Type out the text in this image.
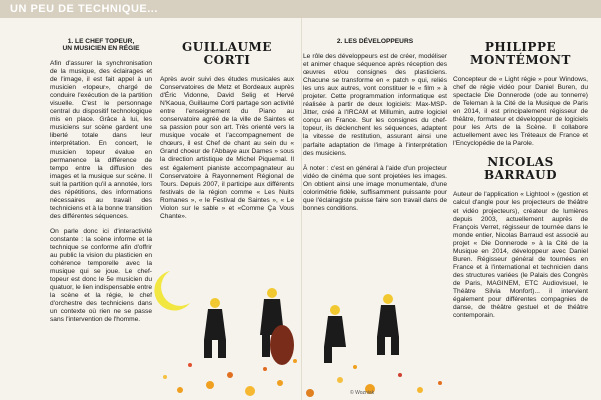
UN PEU DE TECHNIQUE...
1. LE CHEF TOPEUR,
UN MUSICIEN EN RÉGIE

Afin d'assurer la synchronisation de la musique, des éclairages et de l'image, il est fait appel à un musicien «topeur», chargé de conduire l'exécution de la partition visuelle. C'est le personnage central du dispositif technologique mis en place. Grâce à lui, les musiciens sur scène gardent une liberté totale dans leur interprétation. En concert, le musicien topeur évalue en permanence la différence de tempo entre la diffusion des images et la musique sur scène. Il suit la partition qu'il a annotée, lors des répétitions, des informations nécessaires au travail des techniciens et à la bonne transition des différentes séquences.

On parle donc ici d'interactivité constante : la scène informe et la technique se conforme afin d'offrir au public la vision du plasticien en cohérence temporelle avec la musique qui se joue. Le chef-topeur est donc le 5e musicien du quatuor, le lien indispensable entre la scène et la régie, le chef d'orchestre des techniciens dans un contexte où rien ne se passe sans l'intervention de l'homme.

GUILLAUME
CORTI

Après avoir suivi des études musicales aux Conservatoires de Metz et Bordeaux auprès d'Éric Vidonne, David Selig et Hervé N'Kaoua, Guillaume Corti partage son activité entre l'enseignement du Piano au conservatoire agréé de la ville de Saintes et sa passion pour son art. Très orienté vers la musique vocale et l'accompagnement de chœurs, il est Chef de chant au sein du « Grand choeur de l'Abbaye aux Dames » sous la direction artistique de Michel Piquemal. Il est également pianiste accompagnateur au Conservatoire à Rayonnement Régional de Tours. Depuis 2007, il participe aux différents festivals de la région comme « Les Nuits Romanes », « le Festival de Saintes », « Le Violon sur le sable » et «Comme Ça Vous Chante».

2. LES DÉVELOPPEURS

Le rôle des développeurs est de créer, modéliser et animer chaque séquence après réception des œuvres et/ou consignes des plasticiens. Chacune se transforme en « patch » qui, reliés les uns aux autres, vont constituer le « film » à projeter. Cette programmation informatique est réalisée à partir de deux logiciels: Max-MSP-Jitter, créé à l'IRCAM et Millumin, autre logiciel conçu en France. Sur les consignes du chef-topeur, ils déclenchent les séquences, adaptent la vitesse de restitution, assurant ainsi une parfaite adaptation de l'image à l'interprétation des musiciens.

À noter : c'est en général à l'aide d'un projecteur vidéo de cinéma que sont projetées les images. On obtient ainsi une image monumentale, d'une colorimétrie fidèle, suffisamment puissante pour que l'éclairagiste puisse faire son travail dans de bonnes conditions.

PHILIPPE
MONTÉMONT

Concepteur de « Light régie » pour Windows, chef de régie vidéo pour Daniel Buren, du spectacle Die Donnerode (ode au tonnerre) de Teleman à la Cité de la Musique de Paris en 2014, il est principalement régisseur de théâtre, formateur et développeur de logiciels pour les Arts de la Scène. Il collabore actuellement avec les Tréteaux de France et l'Encyclopédie de la Parole.

NICOLAS
BARRAUD

Auteur de l'application « Lightool » (gestion et calcul d'angle pour les projecteurs de théâtre et vidéo projecteurs), créateur de lumières depuis 2003, actuellement auprès de François Verret, régisseur de tournée dans le monde entier, Nicolas Barraud est associé au projet « Die Donnerode » à la Cité de la Musique en 2014, développeur avec Daniel Buren. Régisseur général de tournées en France et à l'international et technicien dans des structures variées (le Palais des Congrès de Paris, MAGINEM, ETC Audiovisuel, le Théâtre Silvia Monfort)... il intervient également pour différentes compagnies de danse, de théâtre gestuel et de théâtre contemporain.

© Wozniak
